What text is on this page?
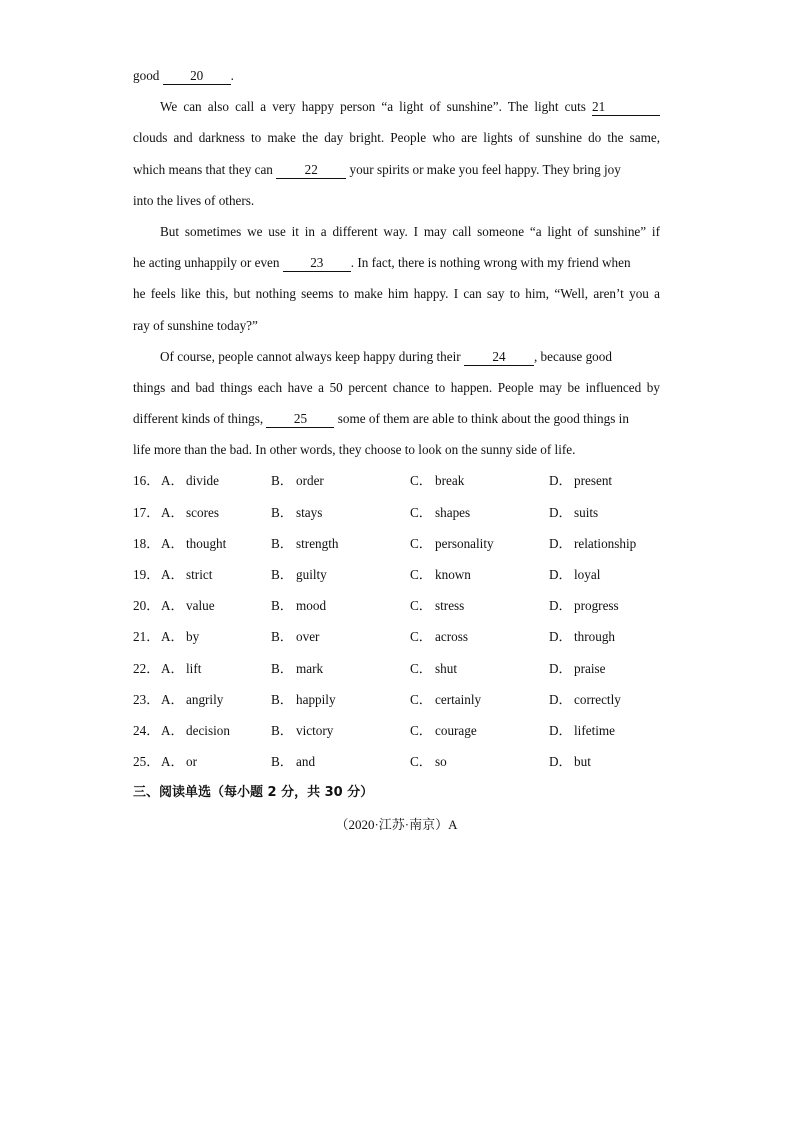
good 20 .
We can also call a very happy person “a light of sunshine”. The light cuts 21
clouds and darkness to make the day bright. People who are lights of sunshine do the same,
which means that they can 22 your spirits or make you feel happy. They bring joy
into the lives of others.
But sometimes we use it in a different way. I may call someone “a light of sunshine” if
he acting unhappily or even 23 . In fact, there is nothing wrong with my friend when
he feels like this, but nothing seems to make him happy. I can say to him, “Well, aren’t you a
ray of sunshine today?”
Of course, people cannot always keep happy during their 24 , because good
things and bad things each have a 50 percent chance to happen. People may be influenced by
different kinds of things, 25 some of them are able to think about the good things in
life more than the bad. In other words, they choose to look on the sunny side of life.
16． A． divide	B． order	C． break	D． present
17． A． scores	B． stays	C． shapes	D． suits
18． A． thought	B． strength	C． personality	D． relationship
19． A． strict	B． guilty	C． known	D． loyal
20． A． value	B． mood	C． stress	D． progress
21． A． by	B． over	C． across	D． through
22． A． lift	B． mark	C． shut	D． praise
23． A． angrily	B． happily	C． certainly	D． correctly
24． A． decision	B． victory	C． courage	D． lifetime
25． A． or	B． and	C． so	D． but
三、阅读单选（每小题 2 分，共 30 分）
（2020·江苏·南京）A
